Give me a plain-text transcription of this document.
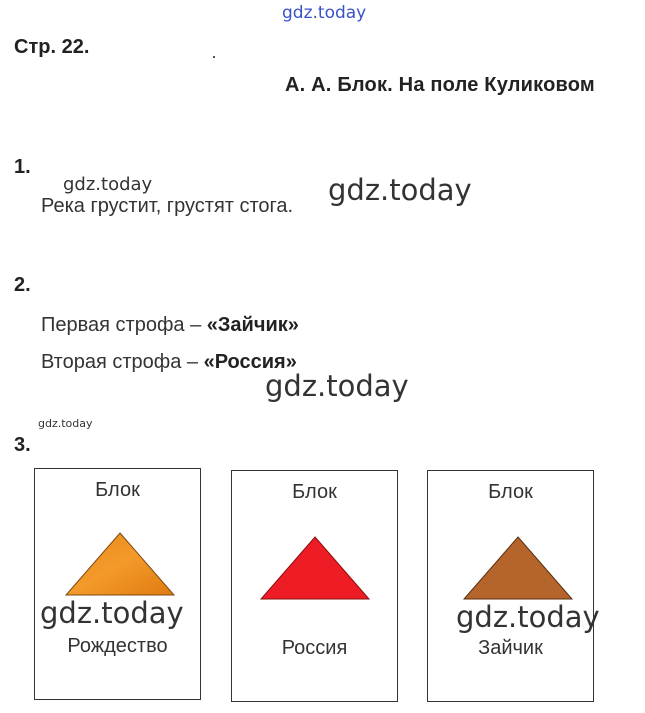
gdz.today
Стр. 22.
А. А. Блок. На поле Куликовом
1.
Река грустит, грустят стога.
2.
Первая строфа – «Зайчик»
Вторая строфа – «Россия»
3.
Блок
Рождество
Блок
Россия
Блок
Зайчик
gdz.today	gdz.today
gdz.today
gdz.today
gdz.today	gdz.today
